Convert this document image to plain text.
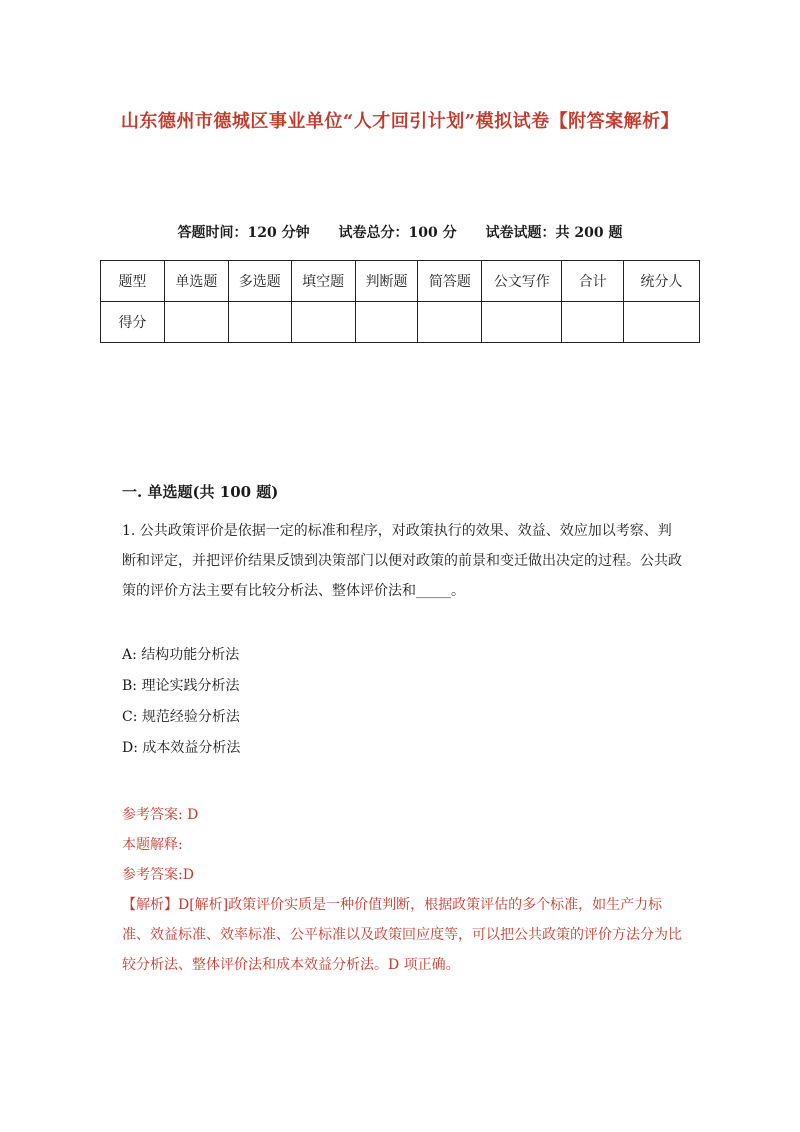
山东德州市德城区事业单位“人才回引计划”模拟试卷【附答案解析】
答题时间：120 分钟 试卷总分：100 分 试卷试题：共 200 题
题型	单选题	多选题	填空题	判断题	简答题	公文写作	合计	统分人
得分								
一. 单选题(共 100 题)
1. 公共政策评价是依据一定的标准和程序，对政策执行的效果、效益、效应加以考察、判断和评定，并把评价结果反馈到决策部门以便对政策的前景和变迁做出决定的过程。公共政策的评价方法主要有比较分析法、整体评价法和_____。
A: 结构功能分析法
B: 理论实践分析法
C: 规范经验分析法
D: 成本效益分析法
参考答案: D
本题解释:
参考答案:D
【解析】D[解析]政策评价实质是一种价值判断，根据政策评估的多个标准，如生产力标准、效益标准、效率标准、公平标准以及政策回应度等，可以把公共政策的评价方法分为比较分析法、整体评价法和成本效益分析法。D 项正确。
